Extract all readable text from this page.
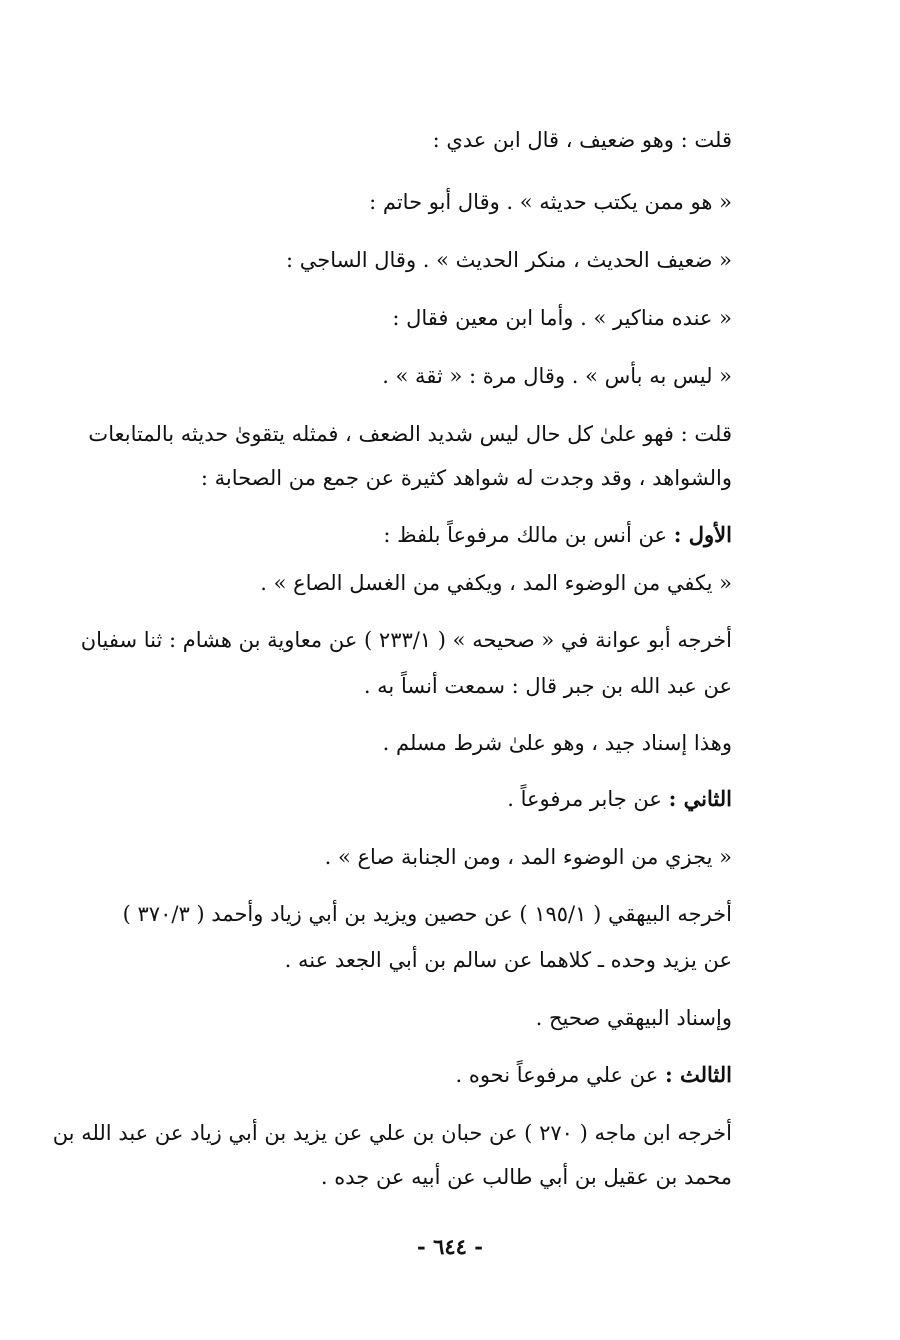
قلت : وهو ضعيف ، قال ابن عدي :
« هو ممن يكتب حديثه » . وقال أبو حاتم :
« ضعيف الحديث ، منكر الحديث » . وقال الساجي :
« عنده مناكير » . وأما ابن معين فقال :
« ليس به بأس » . وقال مرة : « ثقة » .
قلت : فهو علىٰ كل حال ليس شديد الضعف ، فمثله يتقوىٰ حديثه بالمتابعات
والشواهد ، وقد وجدت له شواهد كثيرة عن جمع من الصحابة :
الأول : عن أنس بن مالك مرفوعاً بلفظ :
« يكفي من الوضوء المد ، ويكفي من الغسل الصاع » .
أخرجه أبو عوانة في « صحيحه » ( ٢٣٣/١ ) عن معاوية بن هشام : ثنا سفيان
عن عبد الله بن جبر قال : سمعت أنساً به .
وهذا إسناد جيد ، وهو علىٰ شرط مسلم .
الثاني : عن جابر مرفوعاً .
« يجزي من الوضوء المد ، ومن الجنابة صاع » .
أخرجه البيهقي ( ١٩٥/١ ) عن حصين ويزيد بن أبي زياد وأحمد ( ٣٧٠/٣ )
عن يزيد وحده ـ كلاهما عن سالم بن أبي الجعد عنه .
وإسناد البيهقي صحيح .
الثالث : عن علي مرفوعاً نحوه .
أخرجه ابن ماجه ( ٢٧٠ ) عن حبان بن علي عن يزيد بن أبي زياد عن عبد الله بن
محمد بن عقيل بن أبي طالب عن أبيه عن جده .
- ٦٤٤ -
